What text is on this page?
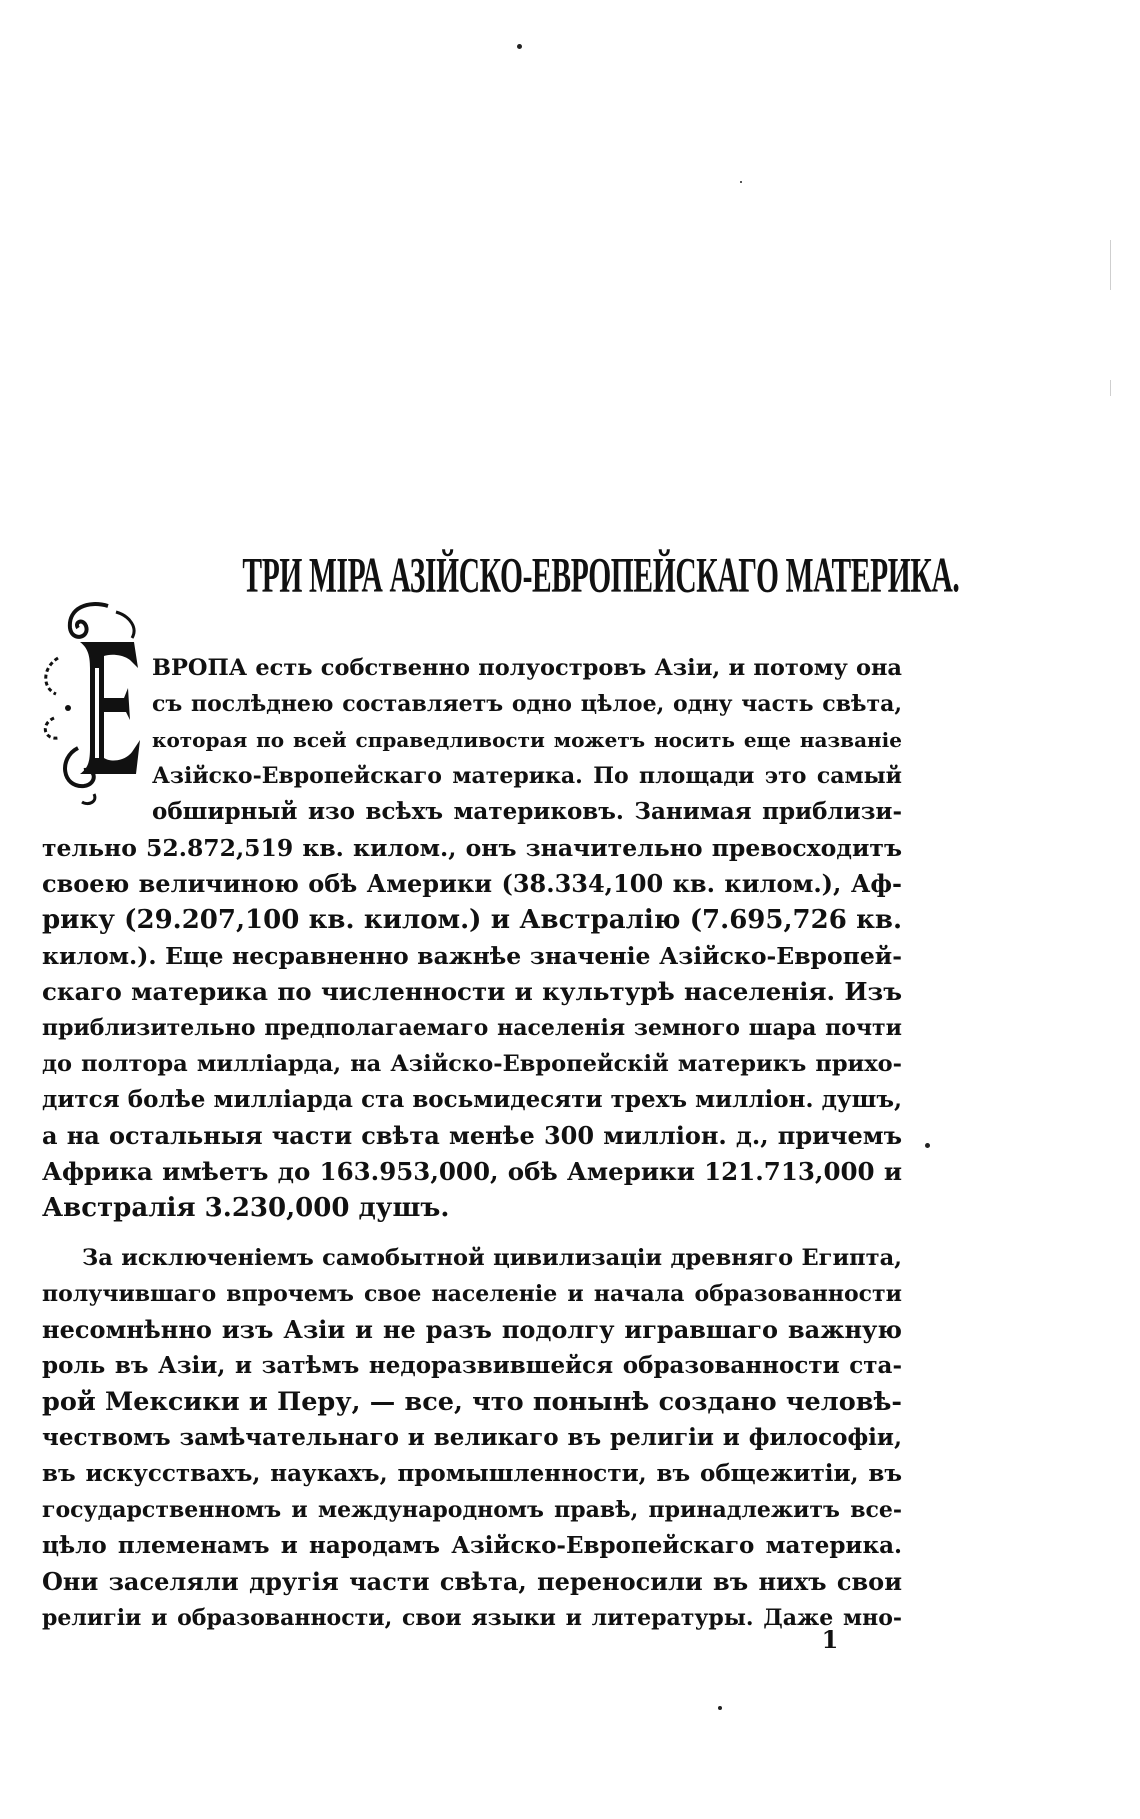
ТРИ МІРА АЗІЙСКО-ЕВРОПЕЙСКАГО МАТЕРИКА.

ВРОПА есть собственно полуостровъ Азіи, и потому она

съ послѣднею составляетъ одно цѣлое, одну часть свѣта,

которая по всей справедливости можетъ носить еще названіе

Азійско-Европейскаго материка. По площади это самый

обширный изо всѣхъ материковъ. Занимая приблизи-

тельно 52.872,519 кв. килом., онъ значительно превосходитъ

своею величиною обѣ Америки (38.334,100 кв. килом.), Аф-

рику (29.207,100 кв. килом.) и Австралію (7.695,726 кв.

килом.). Еще несравненно важнѣе значеніе Азійско-Европей-

скаго материка по численности и культурѣ населенія. Изъ

приблизительно предполагаемаго населенія земного шара почти

до полтора милліарда, на Азійско-Европейскій материкъ прихо-

дится болѣе милліарда ста восьмидесяти трехъ милліон. душъ,

а на остальныя части свѣта менѣе 300 милліон. д., причемъ

Африка имѣетъ до 163.953,000, обѣ Америки 121.713,000 и

Австралія 3.230,000 душъ.

За исключеніемъ самобытной цивилизаціи древняго Египта,

получившаго впрочемъ свое населеніе и начала образованности

несомнѣнно изъ Азіи и не разъ подолгу игравшаго важную

роль въ Азіи, и затѣмъ недоразвившейся образованности ста-

рой Мексики и Перу, — все, что понынѣ создано человѣ-

чествомъ замѣчательнаго и великаго въ религіи и философіи,

въ искусствахъ, наукахъ, промышленности, въ общежитіи, въ

государственномъ и международномъ правѣ, принадлежитъ все-

цѣло племенамъ и народамъ Азійско-Европейскаго материка.

Они заселяли другія части свѣта, переносили въ нихъ свои

религіи и образованности, свои языки и литературы. Даже мно-

1
